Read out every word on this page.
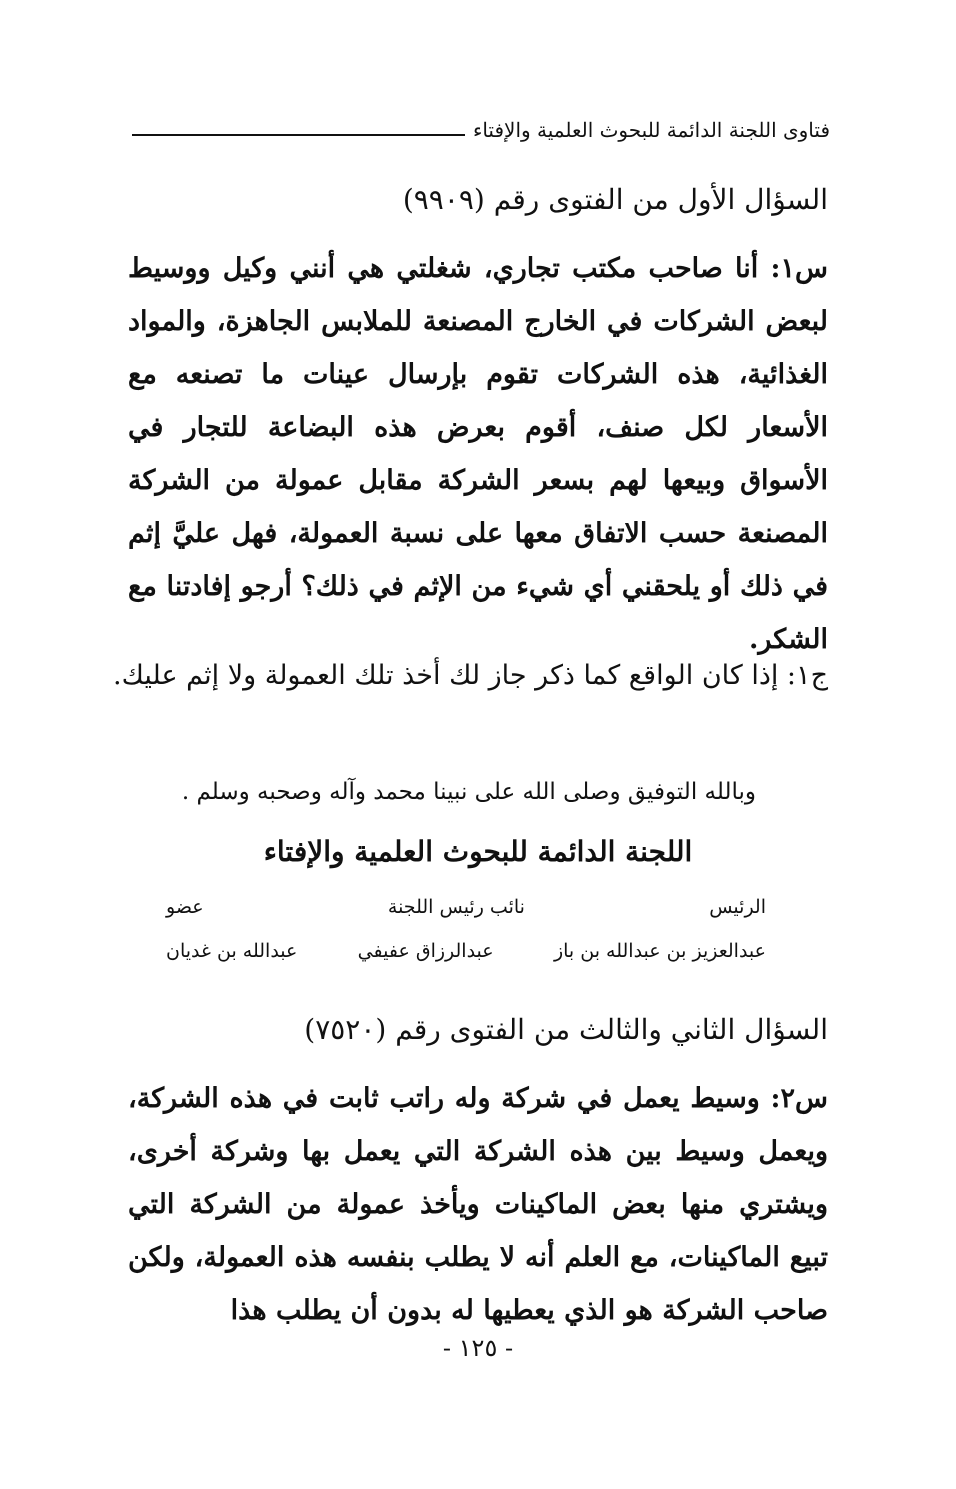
فتاوى اللجنة الدائمة للبحوث العلمية والإفتاء
السؤال الأول من الفتوى رقم (٩٩٠٩)
س١: أنا صاحب مكتب تجاري، شغلتي هي أنني وكيل ووسيط لبعض الشركات في الخارج المصنعة للملابس الجاهزة، والمواد الغذائية، هذه الشركات تقوم بإرسال عينات ما تصنعه مع الأسعار لكل صنف، أقوم بعرض هذه البضاعة للتجار في الأسواق وبيعها لهم بسعر الشركة مقابل عمولة من الشركة المصنعة حسب الاتفاق معها على نسبة العمولة، فهل عليَّ إثم في ذلك أو يلحقني أي شيء من الإثم في ذلك؟ أرجو إفادتنا مع الشكر.
ج١: إذا كان الواقع كما ذكر جاز لك أخذ تلك العمولة ولا إثم عليك.
وبالله التوفيق وصلى الله على نبينا محمد وآله وصحبه وسلم .
اللجنة الدائمة للبحوث العلمية والإفتاء
الرئيس
نائب رئيس اللجنة
عضو
عبدالعزيز بن عبدالله بن باز
عبدالرزاق عفيفي
عبدالله بن غديان
السؤال الثاني والثالث من الفتوى رقم (٧٥٢٠)
س٢: وسيط يعمل في شركة وله راتب ثابت في هذه الشركة، ويعمل وسيط بين هذه الشركة التي يعمل بها وشركة أخرى، ويشتري منها بعض الماكينات ويأخذ عمولة من الشركة التي تبيع الماكينات، مع العلم أنه لا يطلب بنفسه هذه العمولة، ولكن صاحب الشركة هو الذي يعطيها له بدون أن يطلب هذا
- ١٢٥ -
